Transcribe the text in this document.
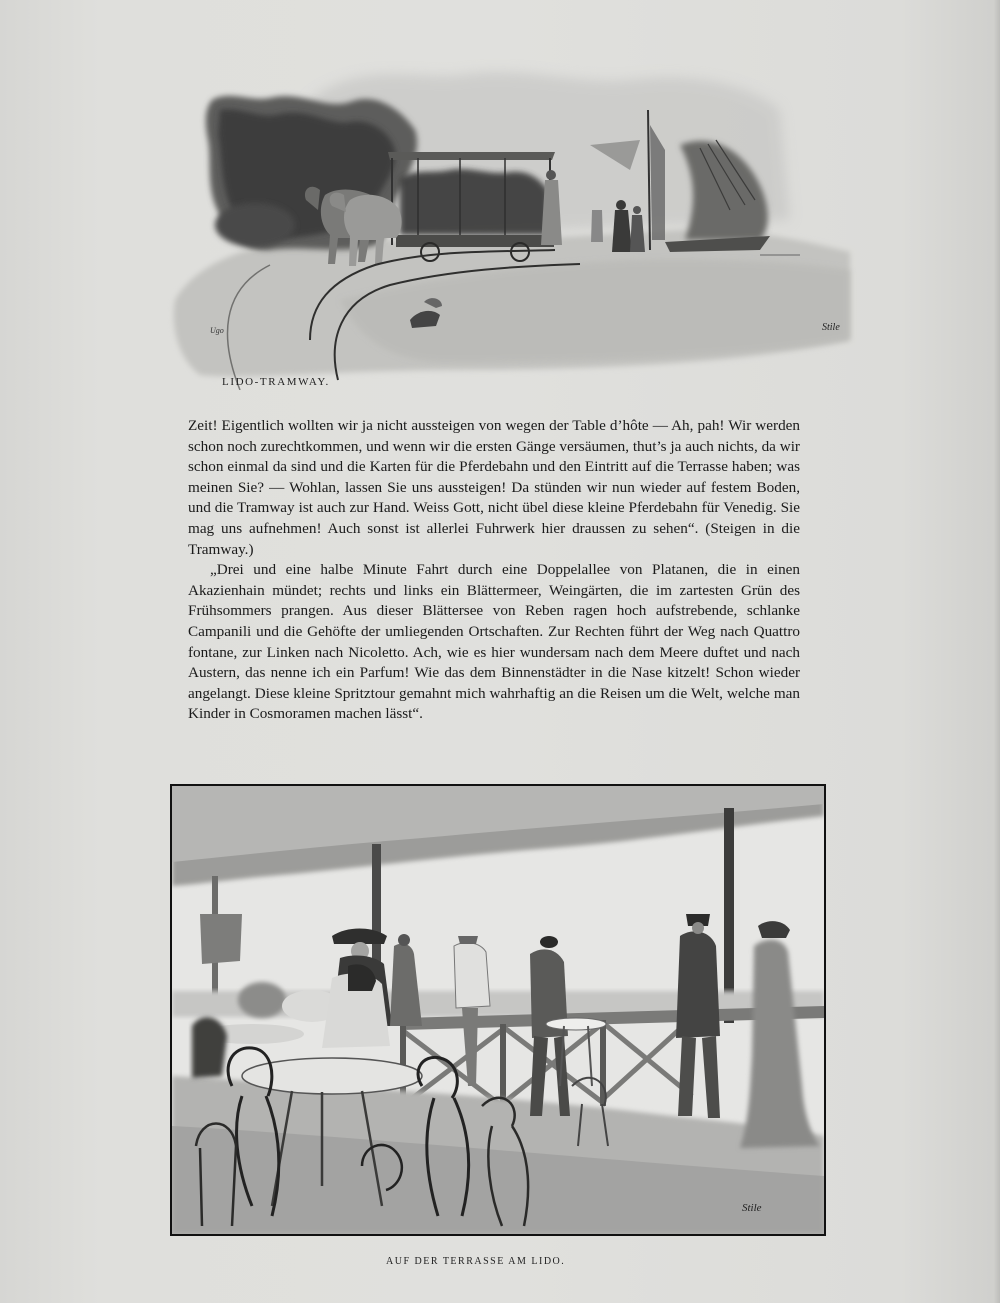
Ugo	Stile
LIDO-TRAMWAY.

Zeit! Eigentlich wollten wir ja nicht aussteigen von wegen der Table d’hôte — Ah, pah! Wir werden schon noch zurechtkommen, und wenn wir die ersten Gänge versäumen, thut’s ja auch nichts, da wir schon einmal da sind und die Karten für die Pferdebahn und den Eintritt auf die Terrasse haben; was meinen Sie? — Wohlan, lassen Sie uns aussteigen! Da stünden wir nun wieder auf festem Boden, und die Tramway ist auch zur Hand. Weiss Gott, nicht übel diese kleine Pferdebahn für Venedig. Sie mag uns aufnehmen! Auch sonst ist allerlei Fuhrwerk hier draussen zu sehen“. (Steigen in die Tramway.)

„Drei und eine halbe Minute Fahrt durch eine Doppelallee von Platanen, die in einen Akazienhain mündet; rechts und links ein Blättermeer, Weingärten, die im zartesten Grün des Frühsommers prangen. Aus dieser Blättersee von Reben ragen hoch aufstrebende, schlanke Campanili und die Gehöfte der umliegenden Ortschaften. Zur Rechten führt der Weg nach Quattro fontane, zur Linken nach Nicoletto. Ach, wie es hier wundersam nach dem Meere duftet und nach Austern, das nenne ich ein Parfum! Wie das dem Binnenstädter in die Nase kitzelt! Schon wieder angelangt. Diese kleine Spritztour gemahnt mich wahrhaftig an die Reisen um die Welt, welche man Kinder in Cosmoramen machen lässt“.

Stile
AUF DER TERRASSE AM LIDO.
